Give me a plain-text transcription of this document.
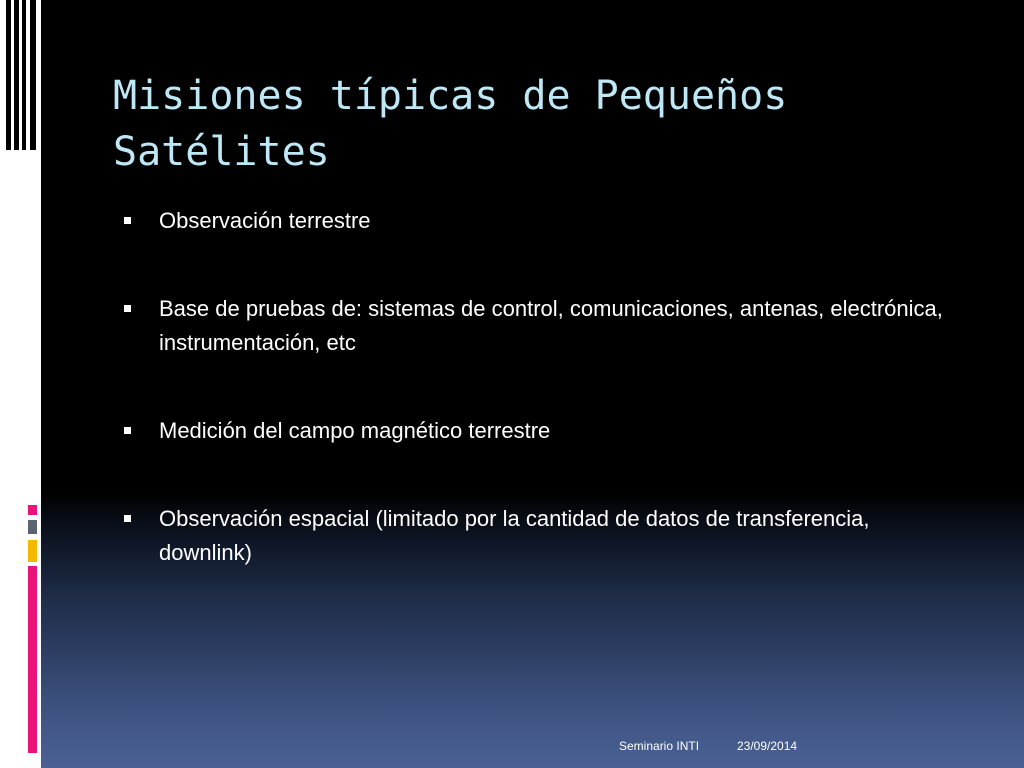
Misiones típicas de Pequeños Satélites
Observación terrestre
Base de pruebas de: sistemas de control, comunicaciones, antenas, electrónica, instrumentación, etc
Medición del campo magnético terrestre
Observación espacial (limitado por la cantidad de datos de transferencia, downlink)
Seminario INTI	23/09/2014
